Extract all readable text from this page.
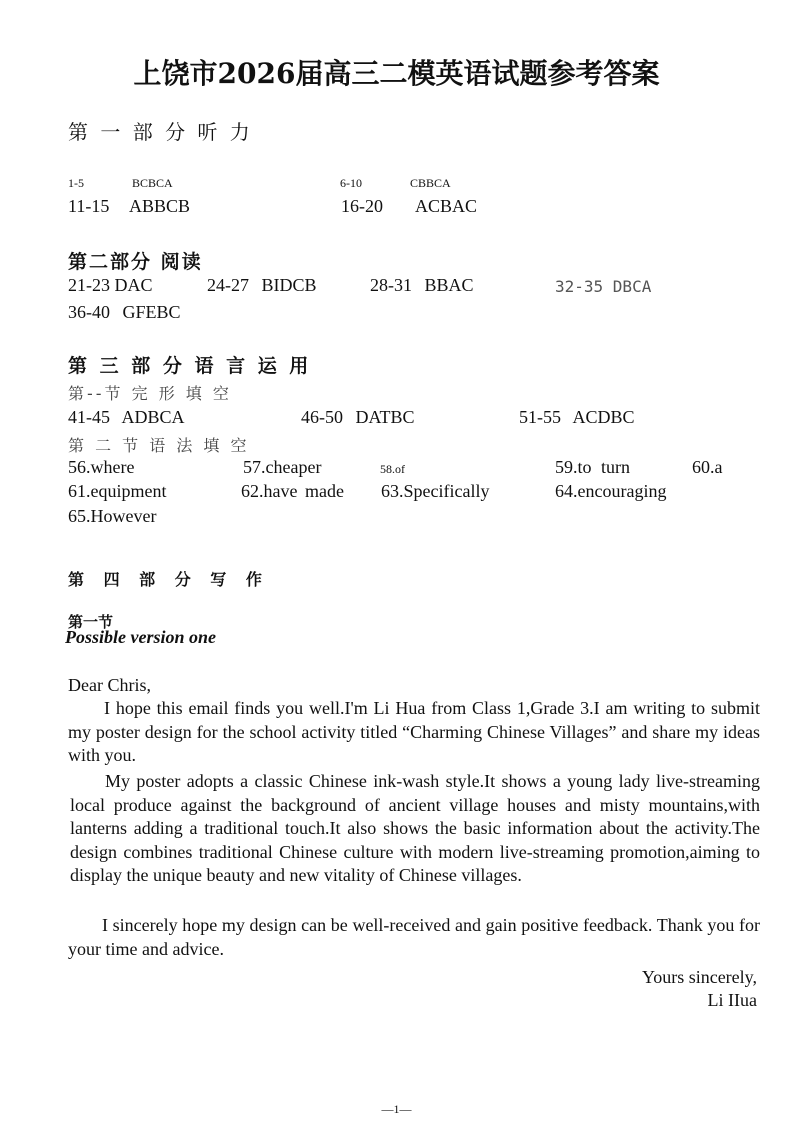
上饶市2026届高三二模英语试题参考答案
第 一 部 分 听 力
1-5	BCBCA	6-10	CBBCA
11-15 ABBCB	16-20 ACBAC
第二部分 阅读
21-23 DAC	24-27 BIDCB	28-31 BBAC	32-35 DBCA
36-40 GFEBC
第 三 部 分 语 言 运 用
第--节 完 形 填 空
41-45 ADBCA	46-50 DATBC	51-55 ACDBC
第 二 节 语 法 填 空
56.where	57.cheaper	58.of	59.to turn	60.a
61.equipment	62.have made 63.Specifically	64.encouraging
65.However
第 四 部 分 写 作
第一节
Possible version one
Dear Chris,
I hope this email finds you well.I'm Li Hua from Class 1,Grade 3.I am writing to submit my poster design for the school activity titled “Charming Chinese Villages” and share my ideas with you.
My poster adopts a classic Chinese ink-wash style.It shows a young lady live-streaming local produce against the background of ancient village houses and misty mountains,with lanterns adding a traditional touch.It also shows the basic information about the activity.The design combines traditional Chinese culture with modern live-streaming promotion,aiming to display the unique beauty and new vitality of Chinese villages.
I sincerely hope my design can be well-received and gain positive feedback. Thank you for your time and advice.
Yours sincerely,
Li IIua
—1—
